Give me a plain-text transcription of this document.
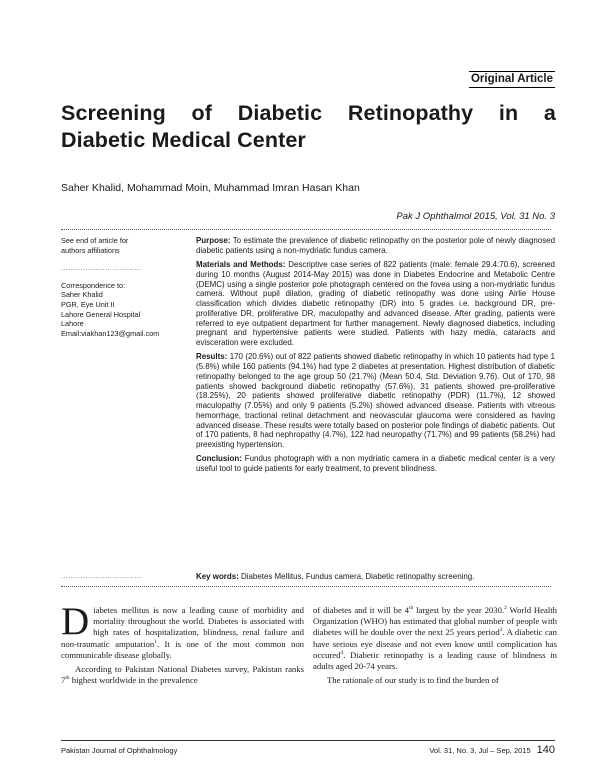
Original Article
Screening of Diabetic Retinopathy in a
Diabetic Medical Center
Saher Khalid, Mohammad Moin, Muhammad Imran Hasan Khan
Pak J Ophthalmol 2015, Vol. 31 No. 3
See end of article for
authors affiliations
……………………………
Correspondence to:
Saher Khalid
PGR, Eye Unit II
Lahore General Hospital
Lahore
Email:viakhan123@gmail.com

Purpose: To estimate the prevalence of diabetic retinopathy on the posterior pole of newly diagnosed diabetic patients using a non-mydriatic fundus camera.

Materials and Methods: Descriptive case series of 822 patients (male: female 29.4:70.6), screened during 10 months (August 2014-May 2015) was done in Diabetes Endocrine and Metabolic Centre (DEMC) using a single posterior pole photograph centered on the fovea using a non-mydriatic fundus camera. Without pupil dilation, grading of diabetic retinopathy was done using Airlie House classification which divides diabetic retinopathy (DR) into 5 grades i.e. background DR, pre-proliferative DR, proliferative DR, maculopathy and advanced disease. After grading, patients were referred to eye outpatient department for further management. Newly diagnosed diabetics, including pregnant and hypertensive patients were studied. Patients with hazy media, cataracts and evisceration were excluded.

Results: 170 (20.6%) out of 822 patients showed diabetic retinopathy in which 10 patients had type 1 (5.8%) while 160 patients (94.1%) had type 2 diabetes at presentation. Highest distribution of diabetic retinopathy belonged to the age group 50 (21.7%) (Mean 50.4, Std. Deviation 9.76). Out of 170, 98 patients showed background diabetic retinopathy (57.6%), 31 patients showed pre-proliferative (18.25%), 20 patients showed proliferative diabetic retinopathy (PDR) (11.7%), 12 showed maculopathy (7.05%) and only 9 patients (5.2%) showed advanced disease. Patients with vitreous hemorrhage, tractional retinal detachment and neovascular glaucoma were considered as having advanced disease. These results were totally based on posterior pole findings of diabetic patients. Out of 170 patients, 8 had nephropathy (4.7%), 122 had neuropathy (71.7%) and 99 patients (58.2%) had preexisting hypertension.

Conclusion: Fundus photograph with a non mydriatic camera in a diabetic medical center is a very useful tool to guide patients for early treatment, to prevent blindness.

……………………………	Key words: Diabetes Mellitus, Fundus camera, Diabetic retinopathy screening.

Diabetes mellitus is now a leading cause of morbidity and mortality throughout the world. Diabetes is associated with high rates of hospitalization, blindness, renal failure and non-traumatic amputation$^1$. It is one of the most common non communicable disease globally.

According to Pakistan National Diabetes survey, Pakistan ranks 7th highest worldwide in the prevalence

of diabetes and it will be 4th largest by the year 2030.$^2$ World Health Organization (WHO) has estimated that global number of people with diabetes will be double over the next 25 years period$^3$. A diabetic can have serious eye disease and not even know until complication has occured$^4$. Diabetic retinopathy is a leading cause of blindness in adults aged 20-74 years.

The rationale of our study is to find the burden of

Pakistan Journal of Ophthalmology	Vol. 31, No. 3, Jul – Sep, 2015 140
